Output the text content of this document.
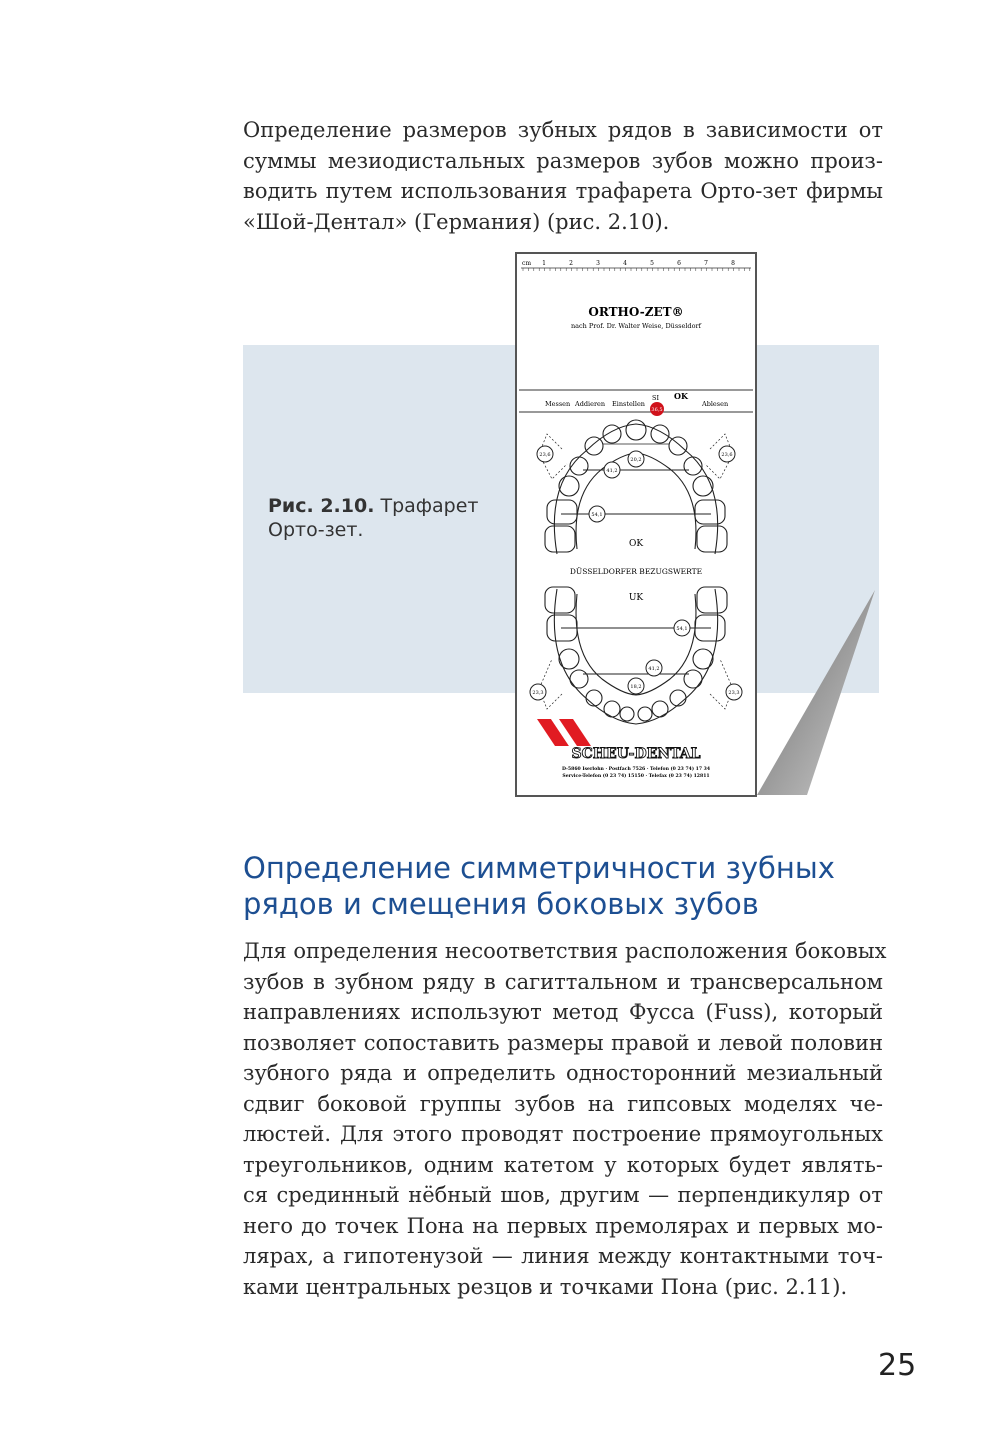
Определение размеров зубных рядов в зависимости от
суммы мезиодистальных размеров зубов можно произ-
водить путем использования трафарета Орто-зет фирмы
«Шой-Дентал» (Германия) (рис. 2.10).
Рис. 2.10. Трафарет Орто-зет.
cm 1	2	3	4	5	6	7	8
ORTHO-ZET®
nach Prof. Dr. Walter Weise, Düsseldorf
Messen Addieren Einstellen
SI OK
36,5
Ablesen
23,6
20,2
41,2
54,1
23,6
OK
DÜSSELDORFER BEZUGSWERTE
UK
54,1
41,2
18,2
23,3	23,3
SCHEU-DENTAL
D-5860 Iserlohn · Postfach 7526 · Telefon (0 23 74) 17 34
Service-Telefon (0 23 74) 15150 · Telefax (0 23 74) 12811
Определение симметричности зубных
рядов и смещения боковых зубов
Для определения несоответствия расположения боковых
зубов в зубном ряду в сагиттальном и трансверсальном
направлениях используют метод Фусса (Fuss), который
позволяет сопоставить размеры правой и левой половин
зубного ряда и определить односторонний мезиальный
сдвиг боковой группы зубов на гипсовых моделях че-
люстей. Для этого проводят построение прямоугольных
треугольников, одним катетом у которых будет являть-
ся срединный нёбный шов, другим — перпендикуляр от
него до точек Пона на первых премолярах и первых мо-
лярах, а гипотенузой — линия между контактными точ-
ками центральных резцов и точками Пона (рис. 2.11).
25
